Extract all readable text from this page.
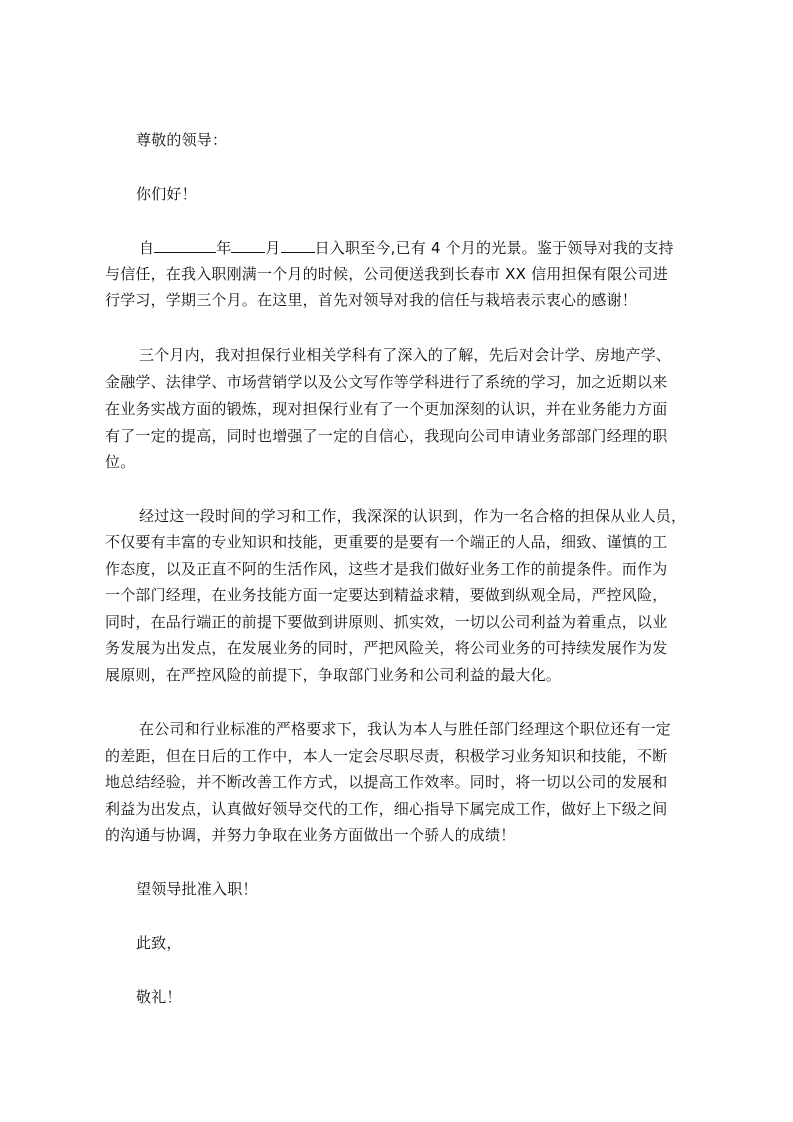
尊敬的领导：
你们好！
自	年 月 日入职至今,已有 4 个月的光景。鉴于领导对我的支持
与信任，在我入职刚满一个月的时候，公司便送我到长春市 XX 信用担保有限公司进
行学习，学期三个月。在这里，首先对领导对我的信任与栽培表示衷心的感谢！
三个月内，我对担保行业相关学科有了深入的了解，先后对会计学、房地产学、
金融学、法律学、市场营销学以及公文写作等学科进行了系统的学习，加之近期以来
在业务实战方面的锻炼，现对担保行业有了一个更加深刻的认识，并在业务能力方面
有了一定的提高，同时也增强了一定的自信心，我现向公司申请业务部部门经理的职
位。
经过这一段时间的学习和工作，我深深的认识到，作为一名合格的担保从业人员，
不仅要有丰富的专业知识和技能，更重要的是要有一个端正的人品，细致、谨慎的工
作态度，以及正直不阿的生活作风，这些才是我们做好业务工作的前提条件。而作为
一个部门经理，在业务技能方面一定要达到精益求精，要做到纵观全局，严控风险，
同时，在品行端正的前提下要做到讲原则、抓实效，一切以公司利益为着重点，以业
务发展为出发点，在发展业务的同时，严把风险关，将公司业务的可持续发展作为发
展原则，在严控风险的前提下，争取部门业务和公司利益的最大化。
在公司和行业标准的严格要求下，我认为本人与胜任部门经理这个职位还有一定
的差距，但在日后的工作中，本人一定会尽职尽责，积极学习业务知识和技能，不断
地总结经验，并不断改善工作方式，以提高工作效率。同时，将一切以公司的发展和
利益为出发点，认真做好领导交代的工作，细心指导下属完成工作，做好上下级之间
的沟通与协调，并努力争取在业务方面做出一个骄人的成绩！
望领导批准入职！
此致，
敬礼！
